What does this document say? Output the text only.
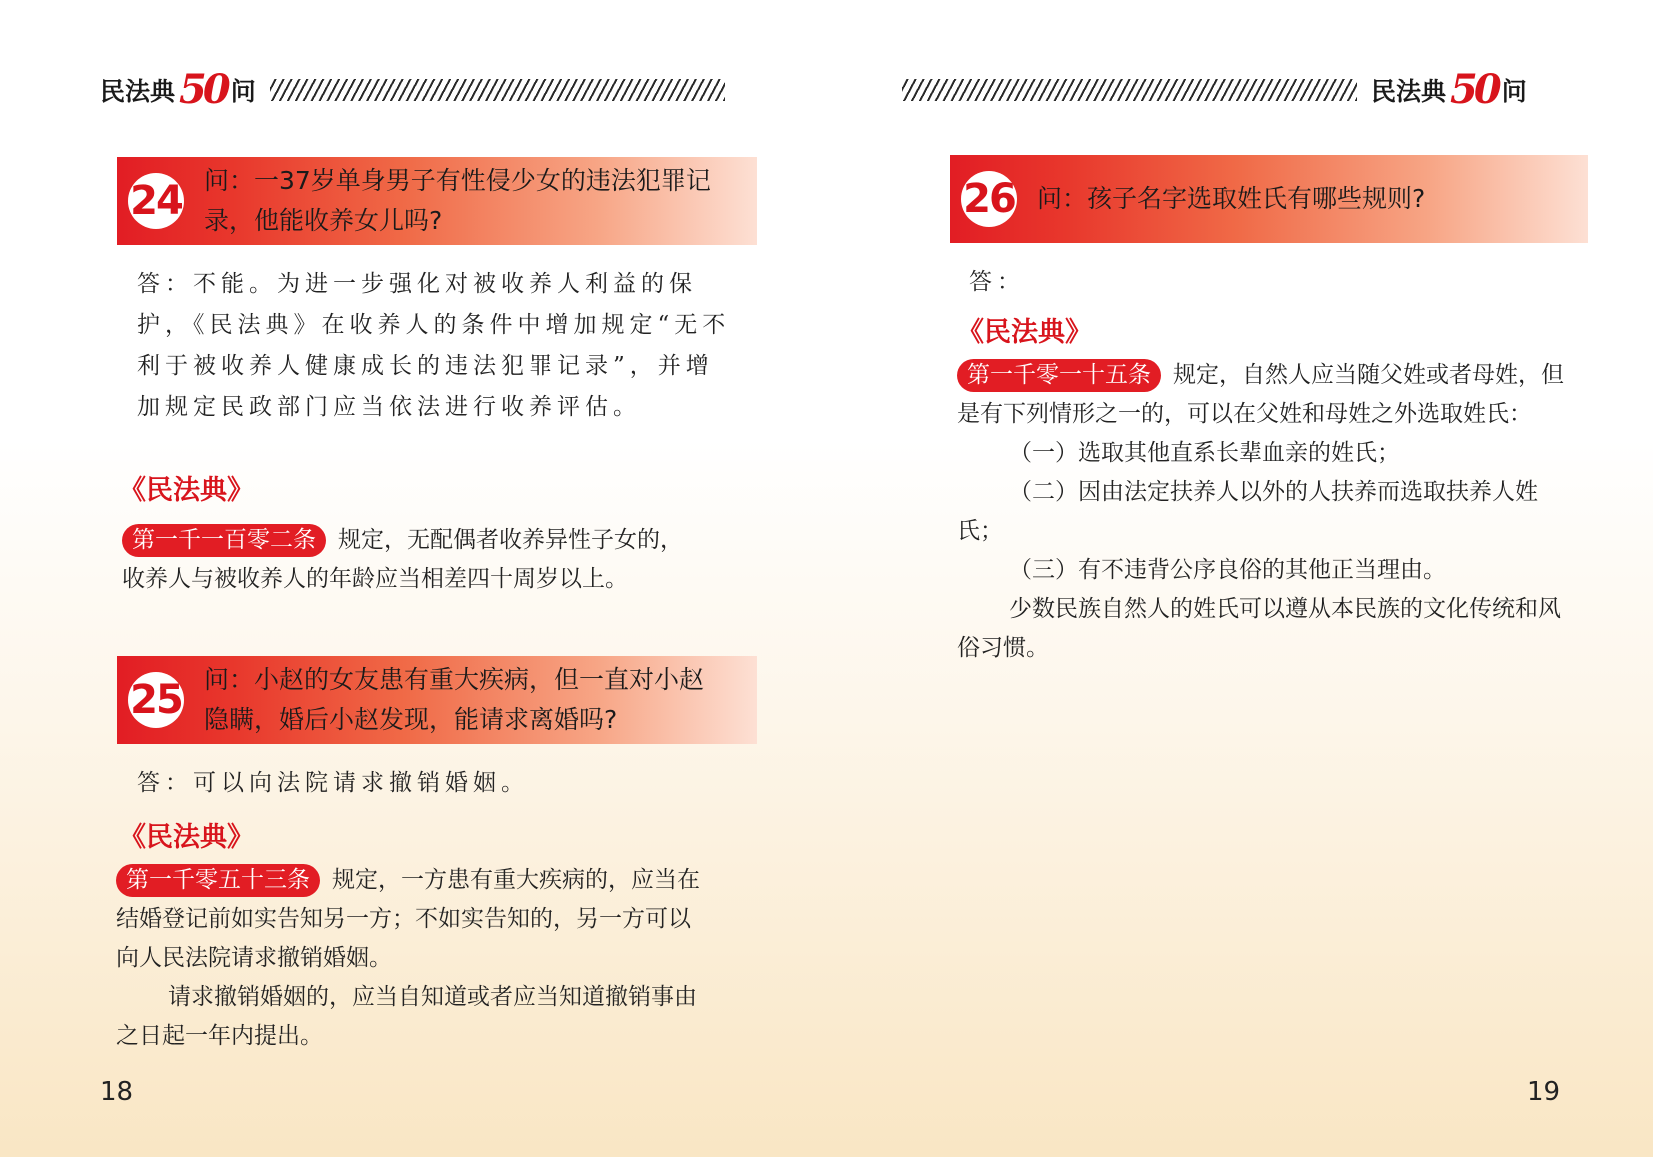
民法典 50 问
24 问：一37岁单身男子有性侵少女的违法犯罪记录，他能收养女儿吗?
答：不能。为进一步强化对被收养人利益的保护，《民法典》在收养人的条件中增加规定“无不利于被收养人健康成长的违法犯罪记录”，并增加规定民政部门应当依法进行收养评估。
《民法典》

第一千一百零二条 规定，无配偶者收养异性子女的，收养人与被收养人的年龄应当相差四十周岁以上。

25 问：小赵的女友患有重大疾病，但一直对小赵隐瞒，婚后小赵发现，能请求离婚吗?
答：可以向法院请求撤销婚姻。
《民法典》

第一千零五十三条 规定，一方患有重大疾病的，应当在结婚登记前如实告知另一方；不如实告知的，另一方可以向人民法院请求撤销婚姻。

请求撤销婚姻的，应当自知道或者应当知道撤销事由之日起一年内提出。

18
民法典 50 问
26 问：孩子名字选取姓氏有哪些规则?
答：
《民法典》

第一千零一十五条 规定，自然人应当随父姓或者母姓，但是有下列情形之一的，可以在父姓和母姓之外选取姓氏：

（一）选取其他直系长辈血亲的姓氏；

（二）因由法定扶养人以外的人扶养而选取扶养人姓氏；

（三）有不违背公序良俗的其他正当理由。

少数民族自然人的姓氏可以遵从本民族的文化传统和风俗习惯。

19
